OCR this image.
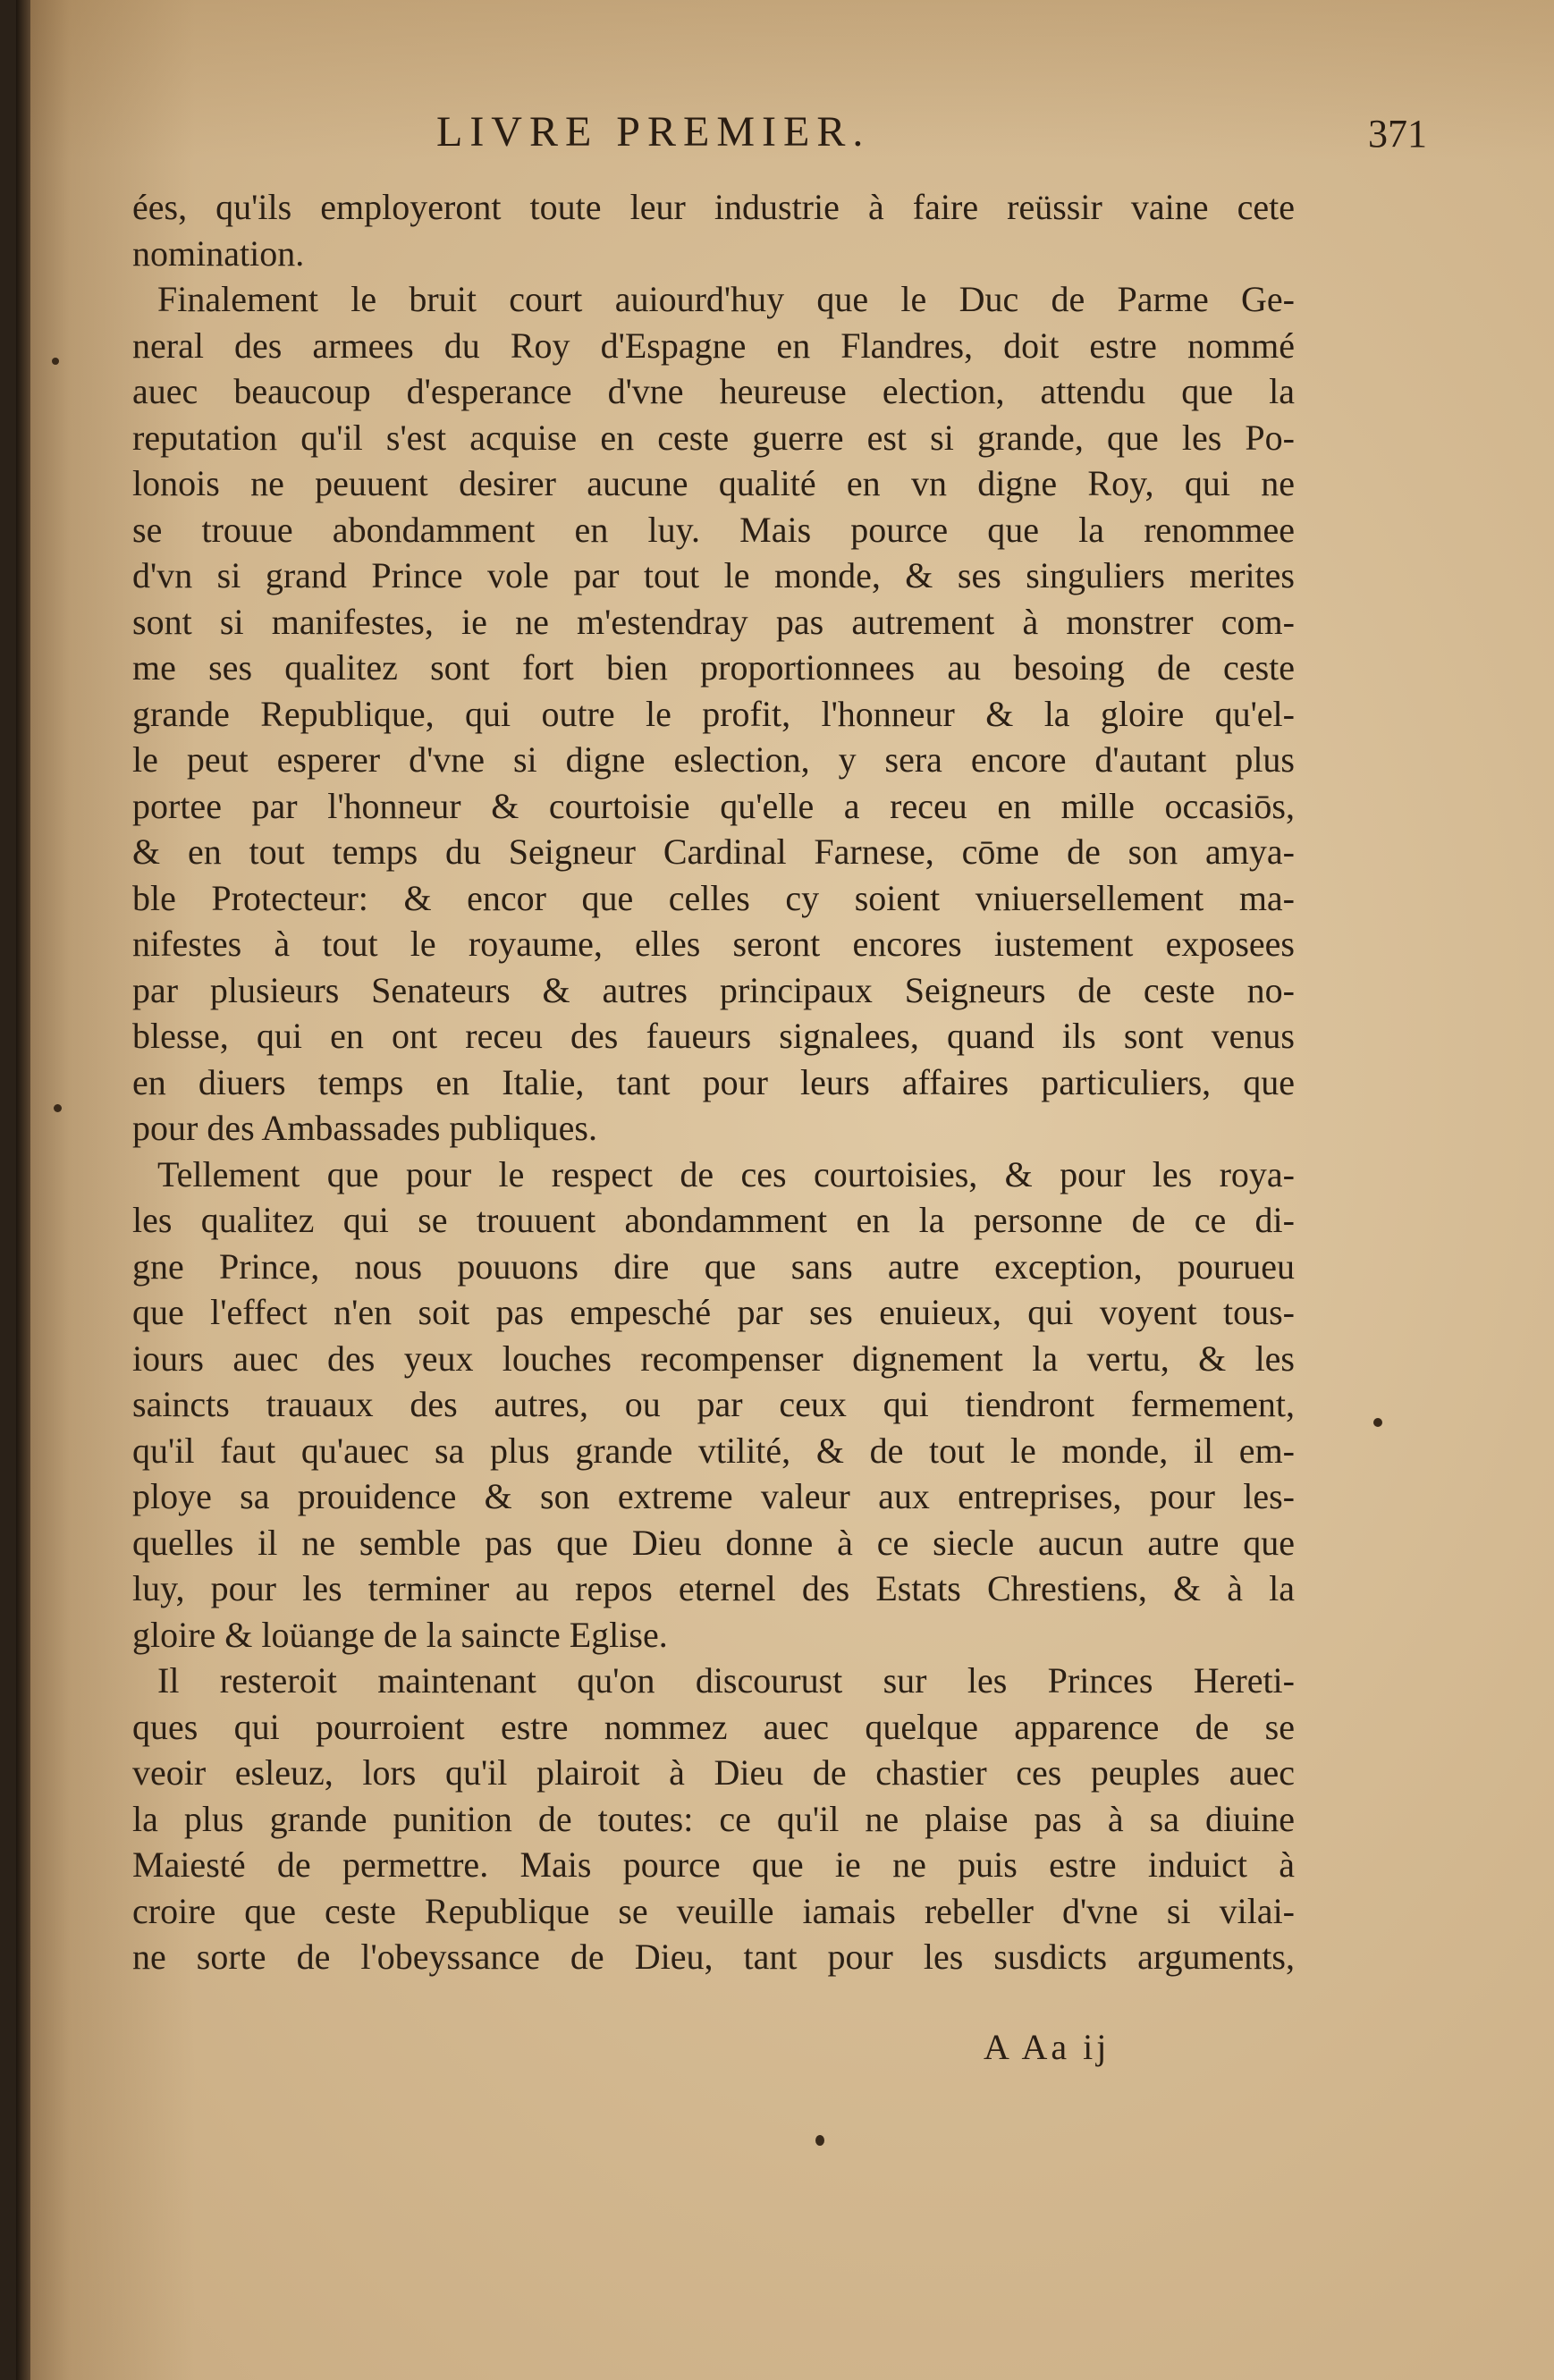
LIVRE PREMIER.	371
ées, qu'ils employeront toute leur industrie à faire reüssir vaine cete
nomination.
Finalement le bruit court auiourd'huy que le Duc de Parme Ge-
neral des armees du Roy d'Espagne en Flandres, doit estre nommé
auec beaucoup d'esperance d'vne heureuse election, attendu que la
reputation qu'il s'est acquise en ceste guerre est si grande, que les Po-
lonois ne peuuent desirer aucune qualité en vn digne Roy, qui ne
se trouue abondamment en luy. Mais pource que la renommee
d'vn si grand Prince vole par tout le monde, & ses singuliers merites
sont si manifestes, ie ne m'estendray pas autrement à monstrer com-
me ses qualitez sont fort bien proportionnees au besoing de ceste
grande Republique, qui outre le profit, l'honneur & la gloire qu'el-
le peut esperer d'vne si digne eslection, y sera encore d'autant plus
portee par l'honneur & courtoisie qu'elle a receu en mille occasiōs,
& en tout temps du Seigneur Cardinal Farnese, cōme de son amya-
ble Protecteur: & encor que celles cy soient vniuersellement ma-
nifestes à tout le royaume, elles seront encores iustement exposees
par plusieurs Senateurs & autres principaux Seigneurs de ceste no-
blesse, qui en ont receu des faueurs signalees, quand ils sont venus
en diuers temps en Italie, tant pour leurs affaires particuliers, que
pour des Ambassades publiques.
Tellement que pour le respect de ces courtoisies, & pour les roya-
les qualitez qui se trouuent abondamment en la personne de ce di-
gne Prince, nous pouuons dire que sans autre exception, pourueu
que l'effect n'en soit pas empesché par ses enuieux, qui voyent tous-
iours auec des yeux louches recompenser dignement la vertu, & les
saincts trauaux des autres, ou par ceux qui tiendront fermement,
qu'il faut qu'auec sa plus grande vtilité, & de tout le monde, il em-
ploye sa prouidence & son extreme valeur aux entreprises, pour les-
quelles il ne semble pas que Dieu donne à ce siecle aucun autre que
luy, pour les terminer au repos eternel des Estats Chrestiens, & à la
gloire & loüange de la saincte Eglise.
Il resteroit maintenant qu'on discourust sur les Princes Hereti-
ques qui pourroient estre nommez auec quelque apparence de se
veoir esleuz, lors qu'il plairoit à Dieu de chastier ces peuples auec
la plus grande punition de toutes: ce qu'il ne plaise pas à sa diuine
Maiesté de permettre. Mais pource que ie ne puis estre induict à
croire que ceste Republique se veuille iamais rebeller d'vne si vilai-
ne sorte de l'obeyssance de Dieu, tant pour les susdicts arguments,
A Aa ij
